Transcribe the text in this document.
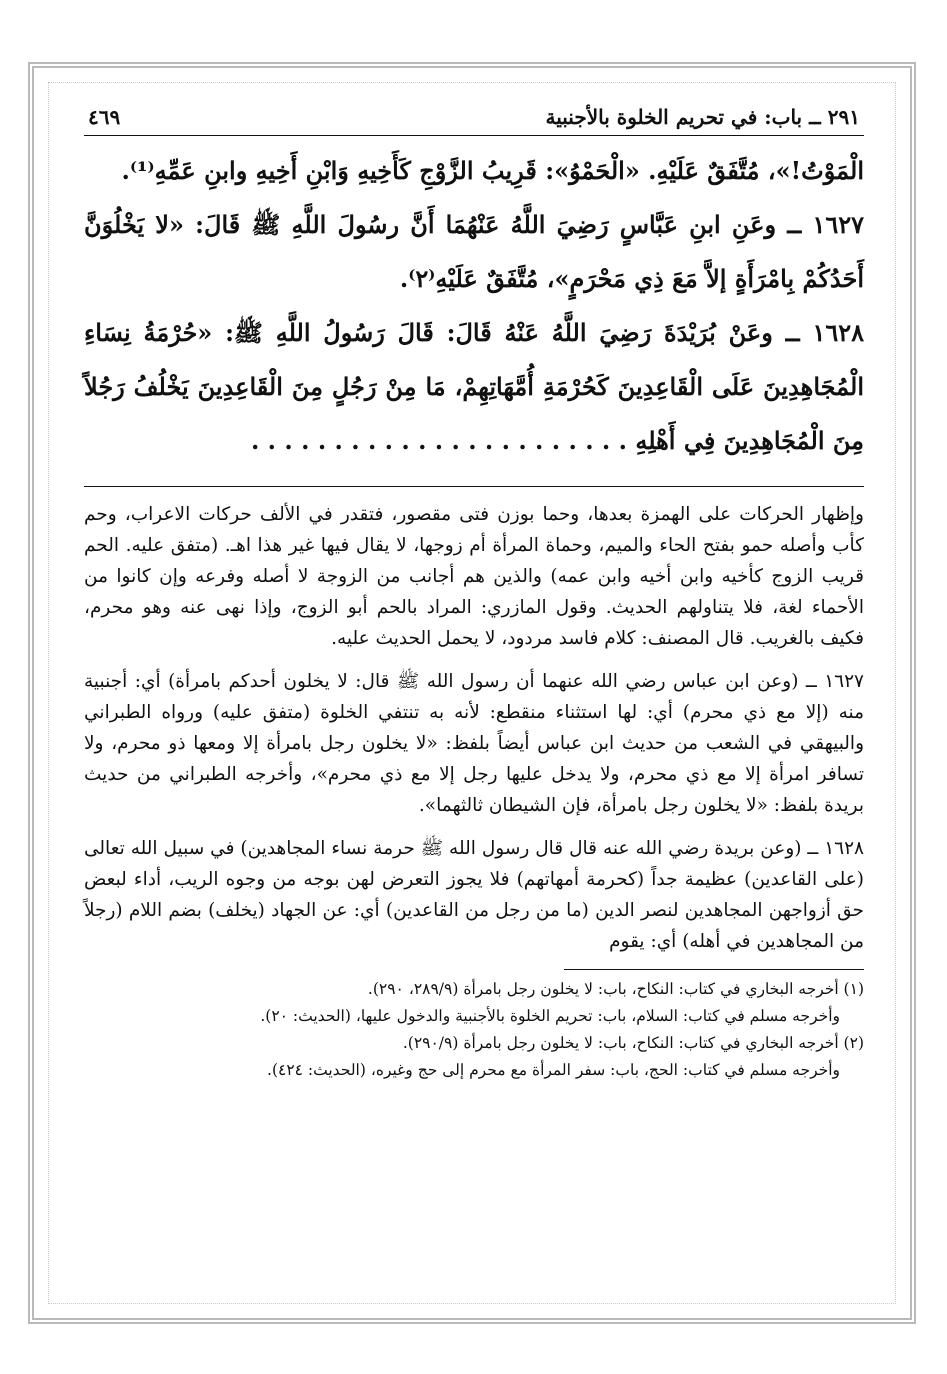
٢٩١ ــ باب: في تحريم الخلوة بالأجنبية
٤٦٩

الْمَوْتُ!»، مُتَّفَقٌ عَلَيْهِ. «الْحَمْوُ»: قَرِيبُ الزَّوْجِ كَأَخِيهِ وَابْنِ أَخِيهِ وابنِ عَمِّهِ⁽¹⁾.

١٦٢٧ ــ وعَنِ ابنِ عَبَّاسٍ رَضِيَ اللَّهُ عَنْهُمَا أَنَّ رسُولَ اللَّهِ ﷺ قَالَ: «لا يَخْلُوَنَّ أَحَدُكُمْ بِامْرَأَةٍ إلاَّ مَعَ ذِي مَحْرَمٍ»، مُتَّفَقٌ عَلَيْهِ⁽٢⁾.

١٦٢٨ ــ وعَنْ بُرَيْدَةَ رَضِيَ اللَّهُ عَنْهُ قَالَ: قَالَ رَسُولُ اللَّهِ ﷺ: «حُرْمَةُ نِسَاءِ الْمُجَاهِدِينَ عَلَى الْقَاعِدِينَ كَحُرْمَةِ أُمَّهَاتِهِمْ، مَا مِنْ رَجُلٍ مِنَ الْقَاعِدِينَ يَخْلُفُ رَجُلاً مِنَ الْمُجَاهِدِينَ فِي أَهْلِهِ . . . . . . . . . . . . . . . . . . . . . . .

وإظهار الحركات على الهمزة بعدها، وحما بوزن فتى مقصور، فتقدر في الألف حركات الاعراب، وحم كأب وأصله حمو بفتح الحاء والميم، وحماة المرأة أم زوجها، لا يقال فيها غير هذا اهـ. (متفق عليه. الحم قريب الزوج كأخيه وابن أخيه وابن عمه) والذين هم أجانب من الزوجة لا أصله وفرعه وإن كانوا من الأحماء لغة، فلا يتناولهم الحديث. وقول المازري: المراد بالحم أبو الزوج، وإذا نهى عنه وهو محرم، فكيف بالغريب. قال المصنف: كلام فاسد مردود، لا يحمل الحديث عليه.

١٦٢٧ ــ (وعن ابن عباس رضي الله عنهما أن رسول الله ﷺ قال: لا يخلون أحدكم بامرأة) أي: أجنبية منه (إلا مع ذي محرم) أي: لها استثناء منقطع: لأنه به تنتفي الخلوة (متفق عليه) ورواه الطبراني والبيهقي في الشعب من حديث ابن عباس أيضاً بلفظ: «لا يخلون رجل بامرأة إلا ومعها ذو محرم، ولا تسافر امرأة إلا مع ذي محرم، ولا يدخل عليها رجل إلا مع ذي محرم»، وأخرجه الطبراني من حديث بريدة بلفظ: «لا يخلون رجل بامرأة، فإن الشيطان ثالثهما».

١٦٢٨ ــ (وعن بريدة رضي الله عنه قال قال رسول الله ﷺ حرمة نساء المجاهدين) في سبيل الله تعالى (على القاعدين) عظيمة جداً (كحرمة أمهاتهم) فلا يجوز التعرض لهن بوجه من وجوه الريب، أداء لبعض حق أزواجهن المجاهدين لنصر الدين (ما من رجل من القاعدين) أي: عن الجهاد (يخلف) بضم اللام (رجلاً من المجاهدين في أهله) أي: يقوم

(١) أخرجه البخاري في كتاب: النكاح، باب: لا يخلون رجل بامرأة (٢٨٩/٩، ٢٩٠).
وأخرجه مسلم في كتاب: السلام، باب: تحريم الخلوة بالأجنبية والدخول عليها، (الحديث: ٢٠).
(٢) أخرجه البخاري في كتاب: النكاح، باب: لا يخلون رجل بامرأة (٢٩٠/٩).
وأخرجه مسلم في كتاب: الحج، باب: سفر المرأة مع محرم إلى حج وغيره، (الحديث: ٤٢٤).
